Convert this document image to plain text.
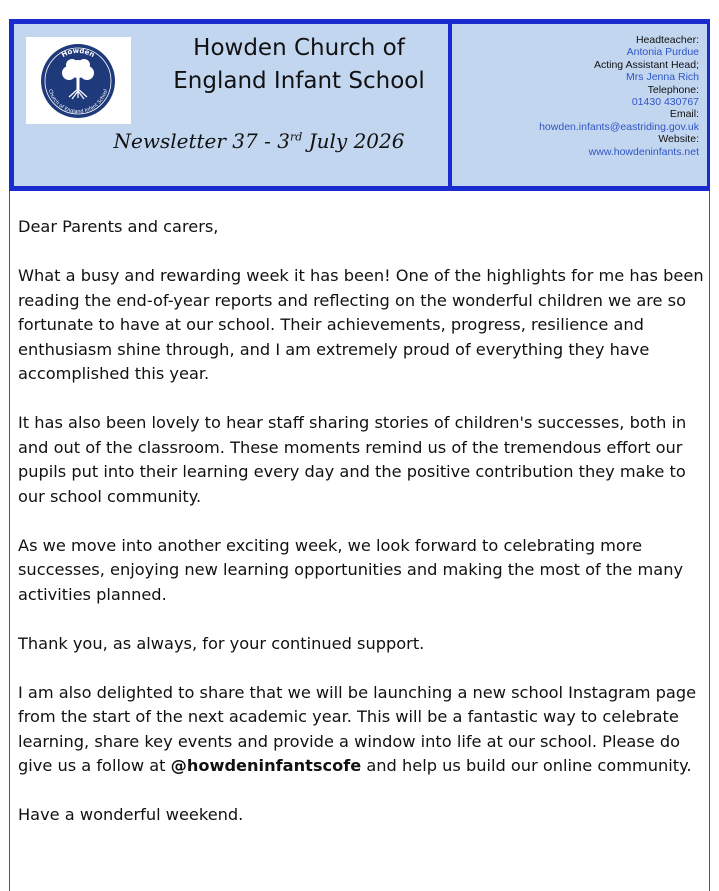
Howden
Church of England Infant School
Howden Church of
England Infant School
Newsletter 37 - 3rd July 2026
Headteacher:
Antonia Purdue
Acting Assistant Head;
Mrs Jenna Rich
Telephone:
01430 430767
Email:
howden.infants@eastriding.gov.uk
Website:
www.howdeninfants.net

Dear Parents and carers,

What a busy and rewarding week it has been! One of the highlights for me has been reading the end-of-year reports and reflecting on the wonderful children we are so fortunate to have at our school. Their achievements, progress, resilience and enthusiasm shine through, and I am extremely proud of everything they have accomplished this year.

It has also been lovely to hear staff sharing stories of children's successes, both in and out of the classroom. These moments remind us of the tremendous effort our pupils put into their learning every day and the positive contribution they make to our school community.

As we move into another exciting week, we look forward to celebrating more successes, enjoying new learning opportunities and making the most of the many activities planned.

Thank you, as always, for your continued support.

I am also delighted to share that we will be launching a new school Instagram page from the start of the next academic year. This will be a fantastic way to celebrate learning, share key events and provide a window into life at our school. Please do give us a follow at @howdeninfantscofe and help us build our online community.

Have a wonderful weekend.
